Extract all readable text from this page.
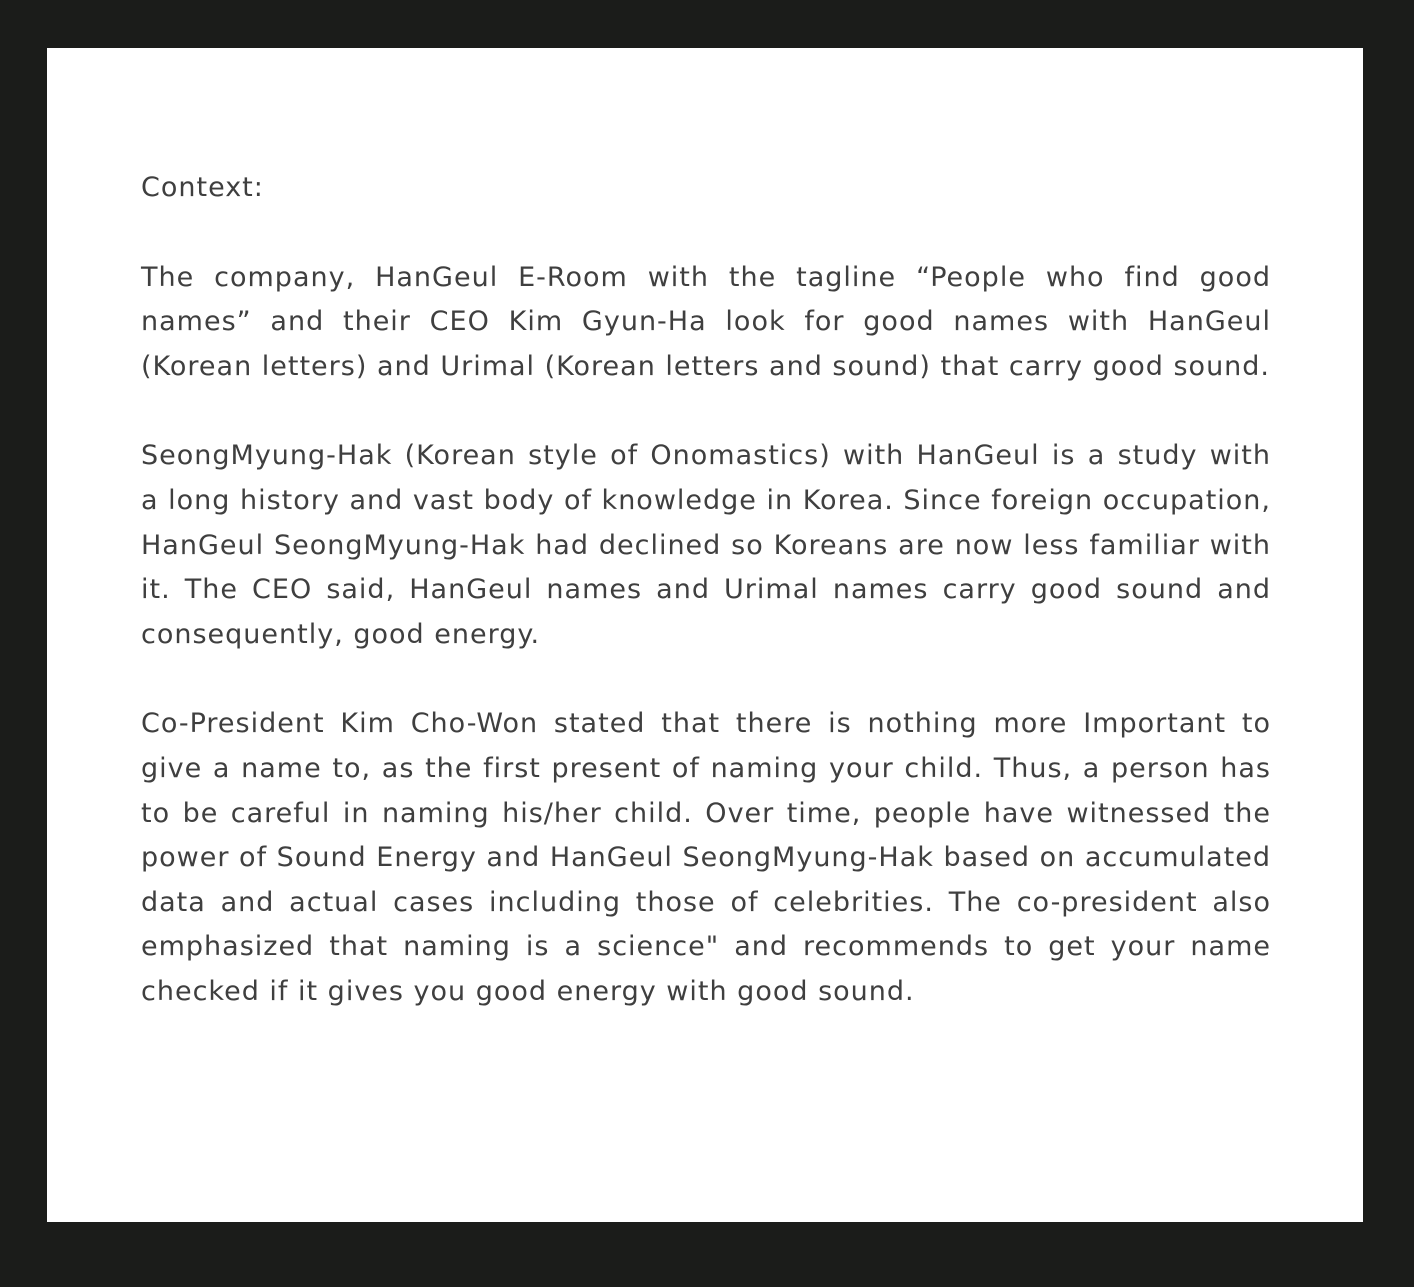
Context:

The company, HanGeul E-Room with the tagline “People who find good names” and their CEO Kim Gyun-Ha look for good names with HanGeul (Korean letters) and Urimal (Korean letters and sound) that carry good sound.

SeongMyung-Hak (Korean style of Onomastics) with HanGeul is a study with a long history and vast body of knowledge in Korea. Since foreign occupation, HanGeul SeongMyung-Hak had declined so Koreans are now less familiar with it. The CEO said, HanGeul names and Urimal names carry good sound and consequently, good energy.

Co-President Kim Cho-Won stated that there is nothing more Important to give a name to, as the first present of naming your child. Thus, a person has to be careful in naming his/her child. Over time, people have witnessed the power of Sound Energy and HanGeul SeongMyung-Hak based on accumulated data and actual cases including those of celebrities. The co-president also emphasized that naming is a science" and recommends to get your name checked if it gives you good energy with good sound.
